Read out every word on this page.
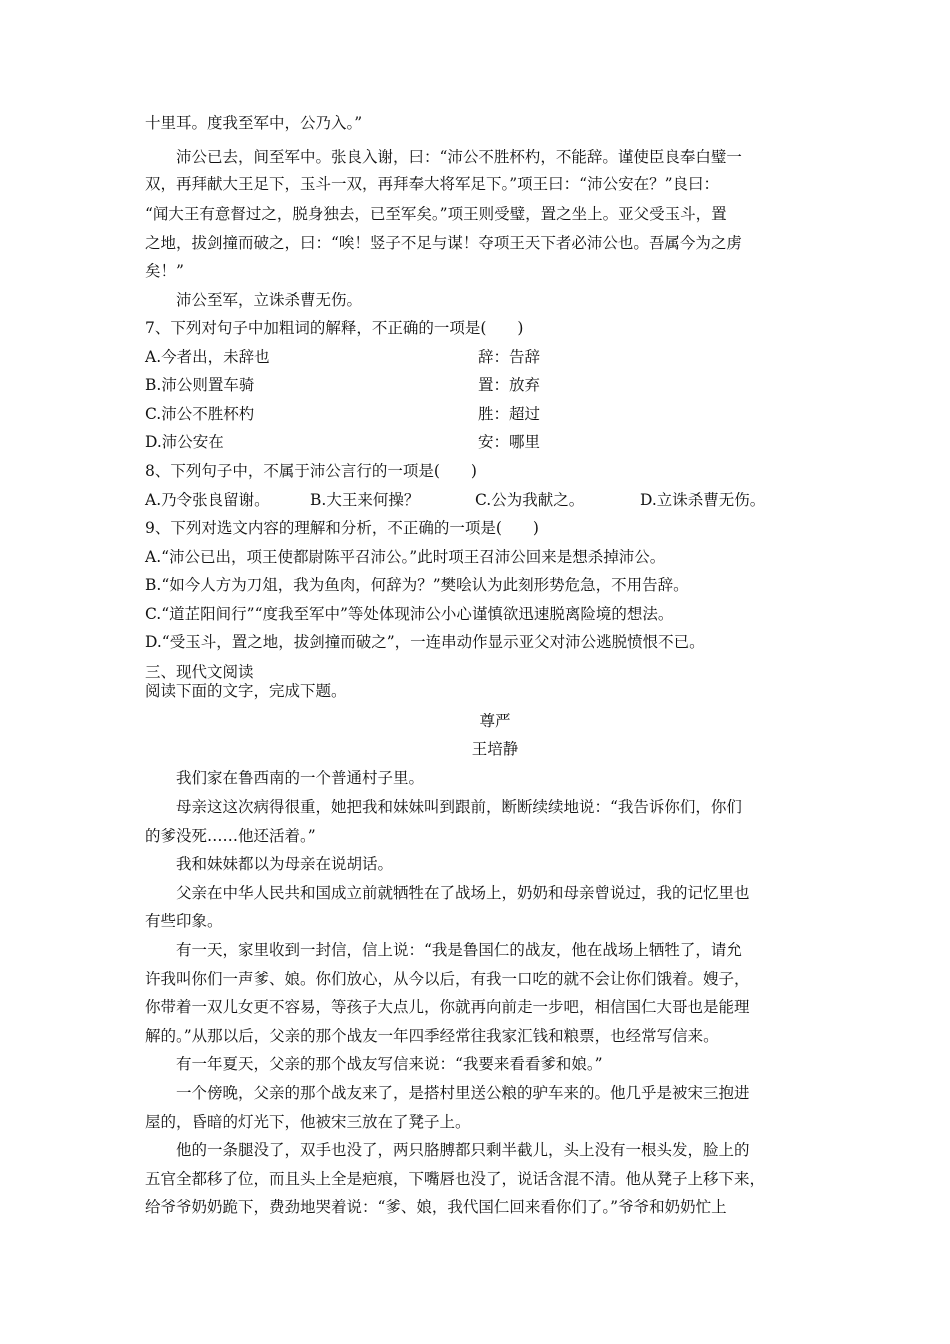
十里耳。度我至军中，公乃入。”
沛公已去，间至军中。张良入谢，曰：“沛公不胜杯杓，不能辞。谨使臣良奉白璧一
双，再拜献大王足下，玉斗一双，再拜奉大将军足下。”项王曰：“沛公安在？”良曰：
“闻大王有意督过之，脱身独去，已至军矣。”项王则受璧，置之坐上。亚父受玉斗，置
之地，拔剑撞而破之，曰：“唉！竖子不足与谋！夺项王天下者必沛公也。吾属今为之虏
矣！”
沛公至军，立诛杀曹无伤。
7、下列对句子中加粗词的解释，不正确的一项是(　　)
A.今者出，未辞也	辞：告辞
B.沛公则置车骑	置：放弃
C.沛公不胜杯杓	胜：超过
D.沛公安在	安：哪里
8、下列句子中，不属于沛公言行的一项是(　　)
A.乃令张良留谢。	B.大王来何操？	C.公为我献之。	D.立诛杀曹无伤。
9、下列对选文内容的理解和分析，不正确的一项是(　　)
A.“沛公已出，项王使都尉陈平召沛公。”此时项王召沛公回来是想杀掉沛公。
B.“如今人方为刀俎，我为鱼肉，何辞为？”樊哙认为此刻形势危急，不用告辞。
C.“道芷阳间行”“度我至军中”等处体现沛公小心谨慎欲迅速脱离险境的想法。
D.“受玉斗，置之地，拔剑撞而破之”，一连串动作显示亚父对沛公逃脱愤恨不已。
三、现代文阅读
阅读下面的文字，完成下题。
尊严
王培静
我们家在鲁西南的一个普通村子里。
母亲这这次病得很重，她把我和妹妹叫到跟前，断断续续地说：“我告诉你们，你们
的爹没死……他还活着。”
我和妹妹都以为母亲在说胡话。
父亲在中华人民共和国成立前就牺牲在了战场上，奶奶和母亲曾说过，我的记忆里也
有些印象。
有一天，家里收到一封信，信上说：“我是鲁国仁的战友，他在战场上牺牲了，请允
许我叫你们一声爹、娘。你们放心，从今以后，有我一口吃的就不会让你们饿着。嫂子，
你带着一双儿女更不容易，等孩子大点儿，你就再向前走一步吧，相信国仁大哥也是能理
解的。”从那以后，父亲的那个战友一年四季经常往我家汇钱和粮票，也经常写信来。
有一年夏天，父亲的那个战友写信来说：“我要来看看爹和娘。”
一个傍晚，父亲的那个战友来了，是搭村里送公粮的驴车来的。他几乎是被宋三抱进
屋的，昏暗的灯光下，他被宋三放在了凳子上。
他的一条腿没了，双手也没了，两只胳膊都只剩半截儿，头上没有一根头发，脸上的
五官全都移了位，而且头上全是疤痕，下嘴唇也没了，说话含混不清。他从凳子上移下来，
给爷爷奶奶跪下，费劲地哭着说：“爹、娘，我代国仁回来看你们了。”爷爷和奶奶忙上
